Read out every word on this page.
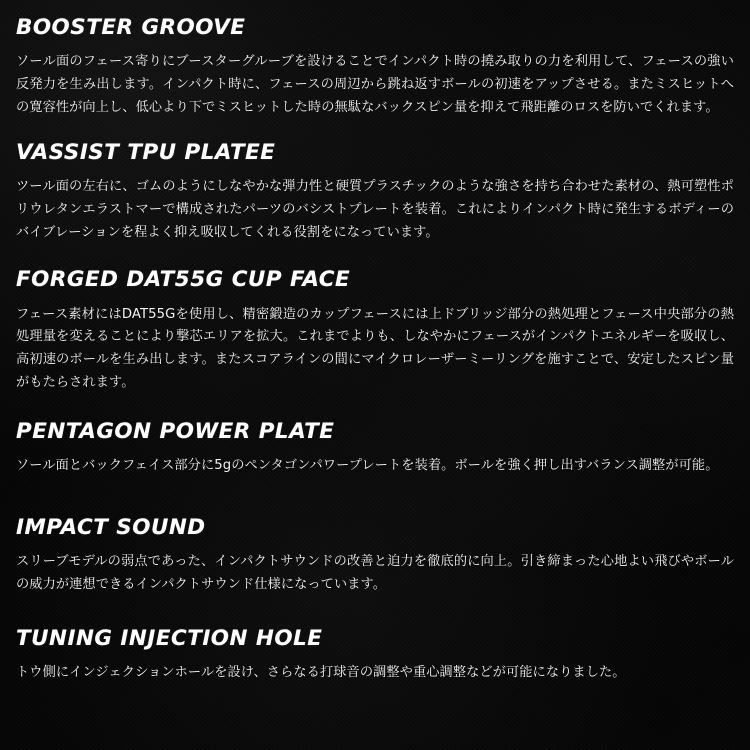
BOOSTER GROOVE

ソール面のフェース寄りにブースターグルーブを設けることでインパクト時の撓み取りの力を利用して、フェースの強い反発力を生み出します。インパクト時に、フェースの周辺から跳ね返すボールの初速をアップさせる。またミスヒットへの寛容性が向上し、低心より下でミスヒットした時の無駄なバックスピン量を抑えて飛距離のロスを防いでくれます。

VASSIST TPU PLATEE

ツール面の左右に、ゴムのようにしなやかな弾力性と硬質プラスチックのような強さを持ち合わせた素材の、熱可塑性ポリウレタンエラストマーで構成されたパーツのバシストプレートを装着。これによりインパクト時に発生するボディーのバイブレーションを程よく抑え吸収してくれる役割をになっています。

FORGED DAT55G CUP FACE

フェース素材にはDAT55Gを使用し、精密鍛造のカップフェースには上ドブリッジ部分の熱処理とフェース中央部分の熱処理量を変えることにより撃芯エリアを拡大。これまでよりも、しなやかにフェースがインパクトエネルギーを吸収し、高初速のボールを生み出します。またスコアラインの間にマイクロレーザーミーリングを施すことで、安定したスピン量がもたらされます。

PENTAGON POWER PLATE

ソール面とバックフェイス部分に5gのペンタゴンパワープレートを装着。ボールを強く押し出すバランス調整が可能。

IMPACT SOUND

スリーブモデルの弱点であった、インパクトサウンドの改善と迫力を徹底的に向上。引き締まった心地よい飛びやボールの威力が連想できるインパクトサウンド仕様になっています。

TUNING INJECTION HOLE

トウ側にインジェクションホールを設け、さらなる打球音の調整や重心調整などが可能になりました。
